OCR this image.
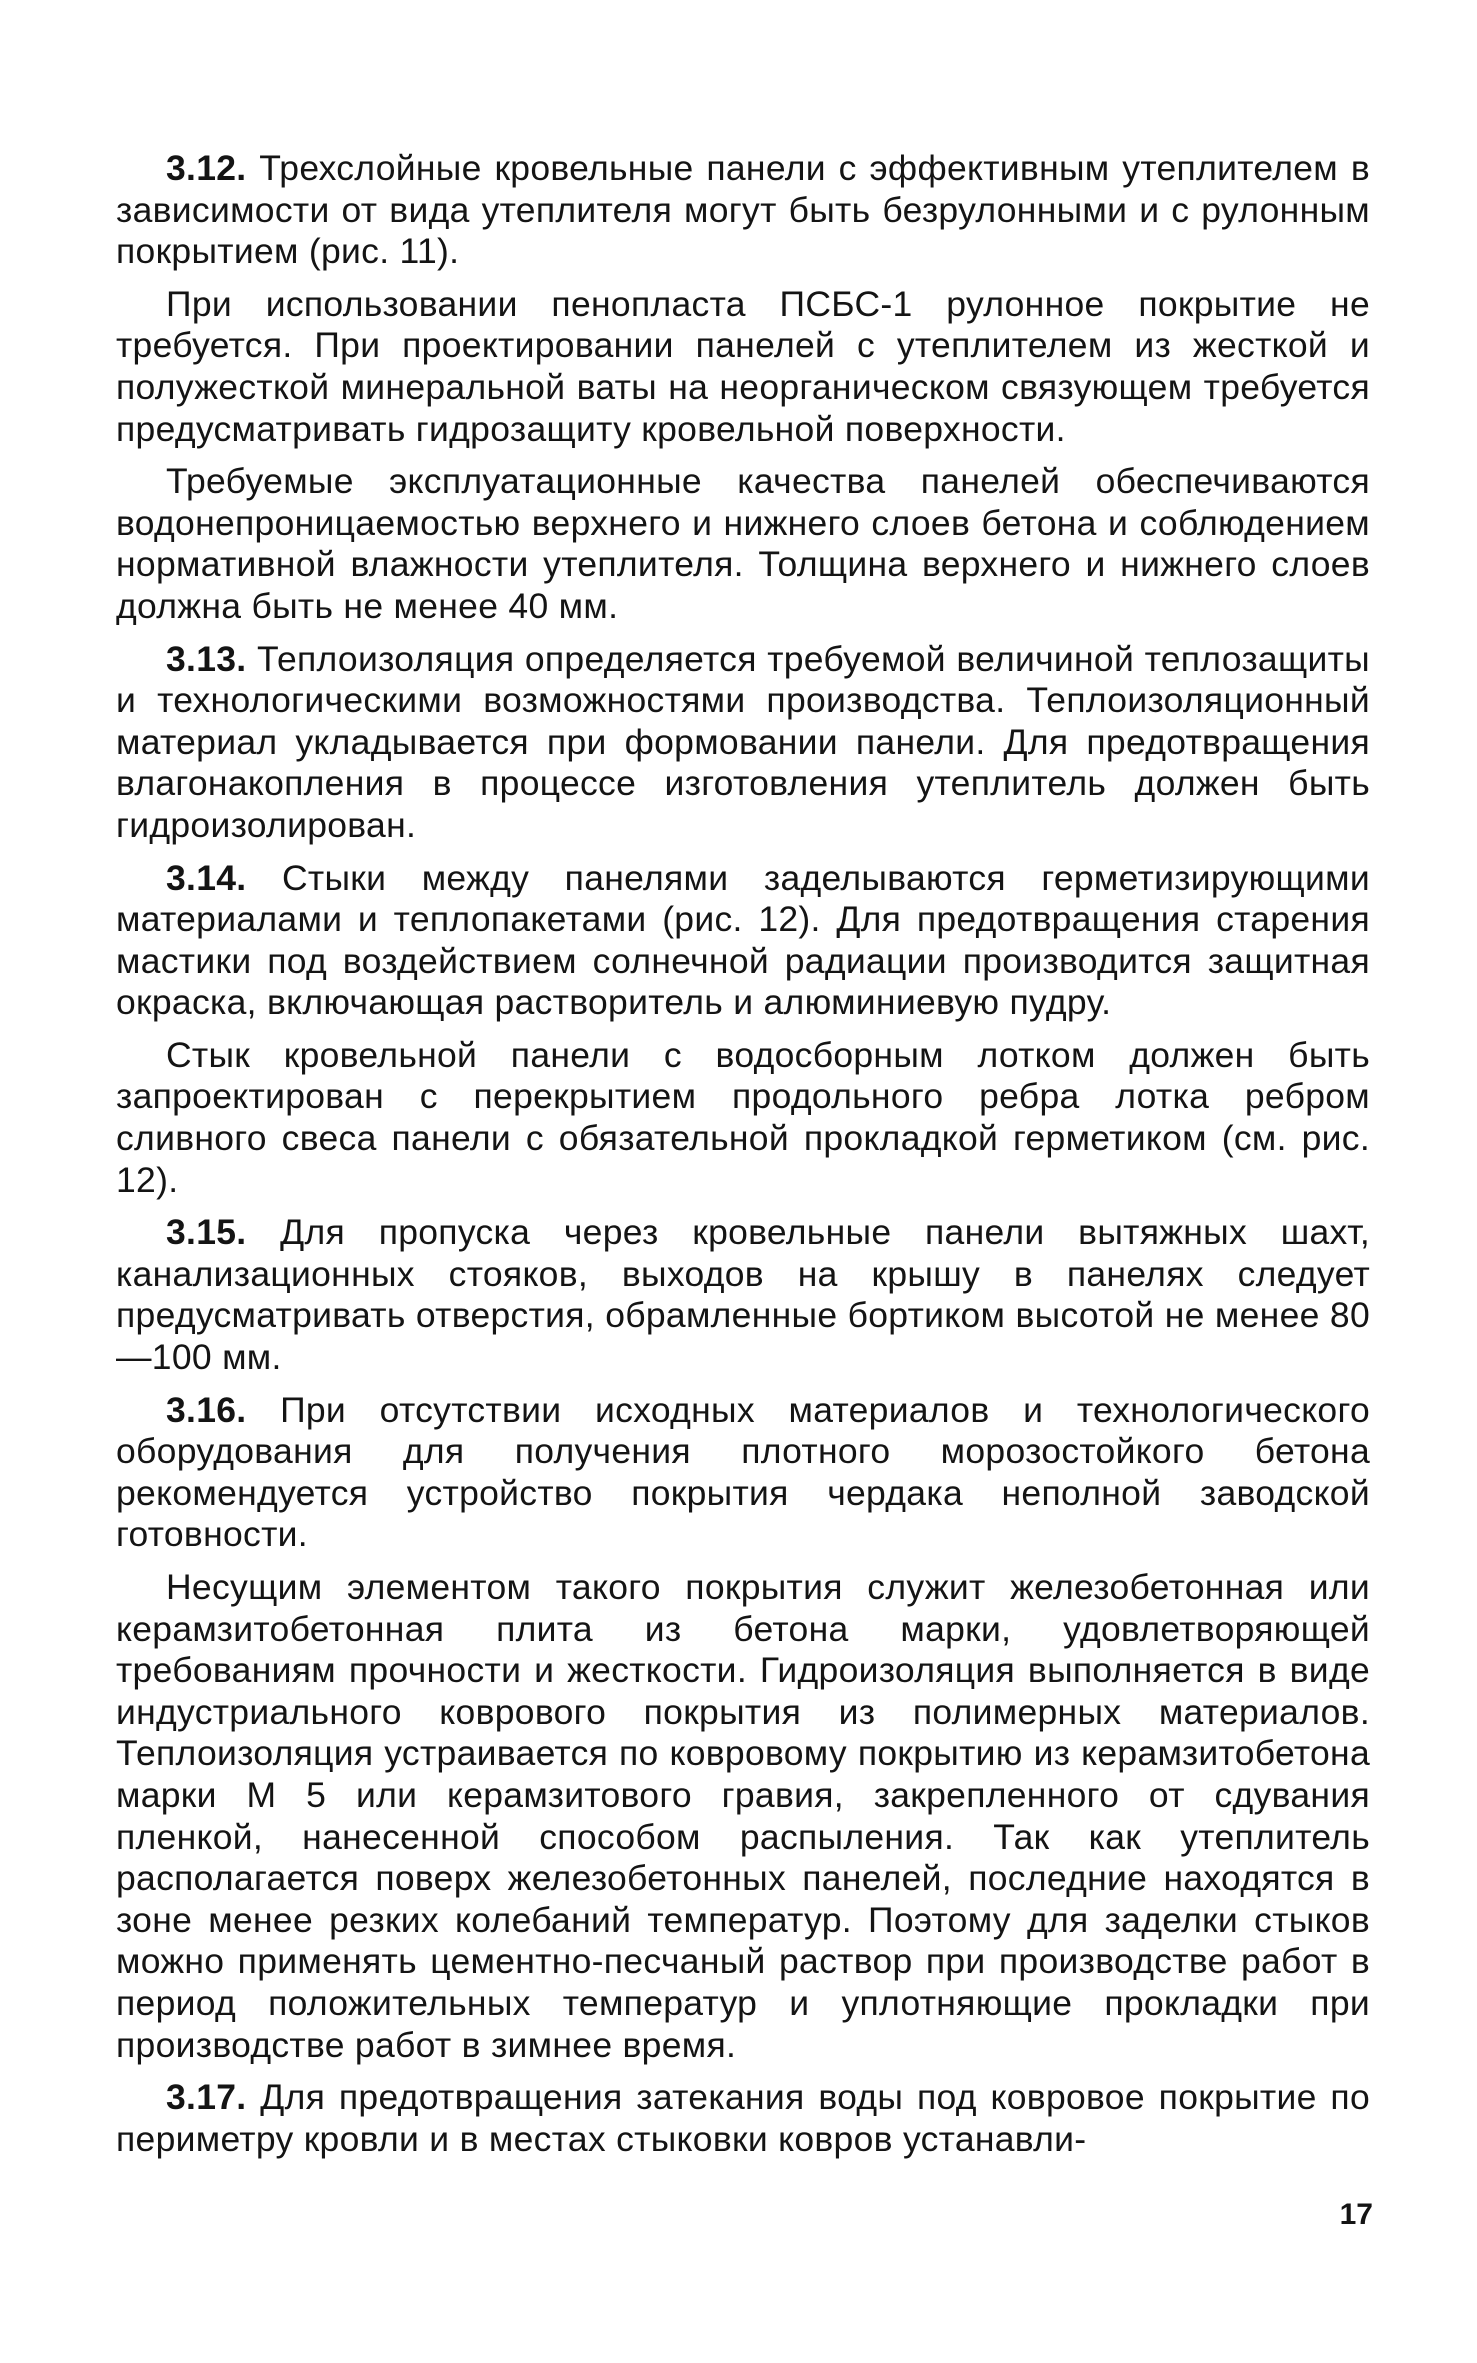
3.12. Трехслойные кровельные панели с эффективным утеплителем в зависимости от вида утеплителя могут быть безрулонными и с рулонным покрытием (рис. 11).

При использовании пенопласта ПСБС-1 рулонное покрытие не требуется. При проектировании панелей с утеплителем из жесткой и полужесткой минеральной ваты на неорганическом связующем требуется предусматривать гидрозащиту кровельной поверхности.

Требуемые эксплуатационные качества панелей обеспечиваются водонепроницаемостью верхнего и нижнего слоев бетона и соблюдением нормативной влажности утеплителя. Толщина верхнего и нижнего слоев должна быть не менее 40 мм.

3.13. Теплоизоляция определяется требуемой величиной теплозащиты и технологическими возможностями производства. Теплоизоляционный материал укладывается при формовании панели. Для предотвращения влагонакопления в процессе изготовления утеплитель должен быть гидроизолирован.

3.14. Стыки между панелями заделываются герметизирующими материалами и теплопакетами (рис. 12). Для предотвращения старения мастики под воздействием солнечной радиации производится защитная окраска, включающая растворитель и алюминиевую пудру.

Стык кровельной панели с водосборным лотком должен быть запроектирован с перекрытием продольного ребра лотка ребром сливного свеса панели с обязательной прокладкой герметиком (см. рис. 12).

3.15. Для пропуска через кровельные панели вытяжных шахт, канализационных стояков, выходов на крышу в панелях следует предусматривать отверстия, обрамленные бортиком высотой не менее 80—100 мм.

3.16. При отсутствии исходных материалов и технологического оборудования для получения плотного морозостойкого бетона рекомендуется устройство покрытия чердака неполной заводской готовности.

Несущим элементом такого покрытия служит железобетонная или керамзитобетонная плита из бетона марки, удовлетворяющей требованиям прочности и жесткости. Гидроизоляция выполняется в виде индустриального коврового покрытия из полимерных материалов. Теплоизоляция устраивается по ковровому покрытию из керамзитобетона марки М 5 или керамзитового гравия, закрепленного от сдувания пленкой, нанесенной способом распыления. Так как утеплитель располагается поверх железобетонных панелей, последние находятся в зоне менее резких колебаний температур. Поэтому для заделки стыков можно применять цементно-песчаный раствор при производстве работ в период положительных температур и уплотняющие прокладки при производстве работ в зимнее время.

3.17. Для предотвращения затекания воды под ковровое покрытие по периметру кровли и в местах стыковки ковров устанавли-

17
